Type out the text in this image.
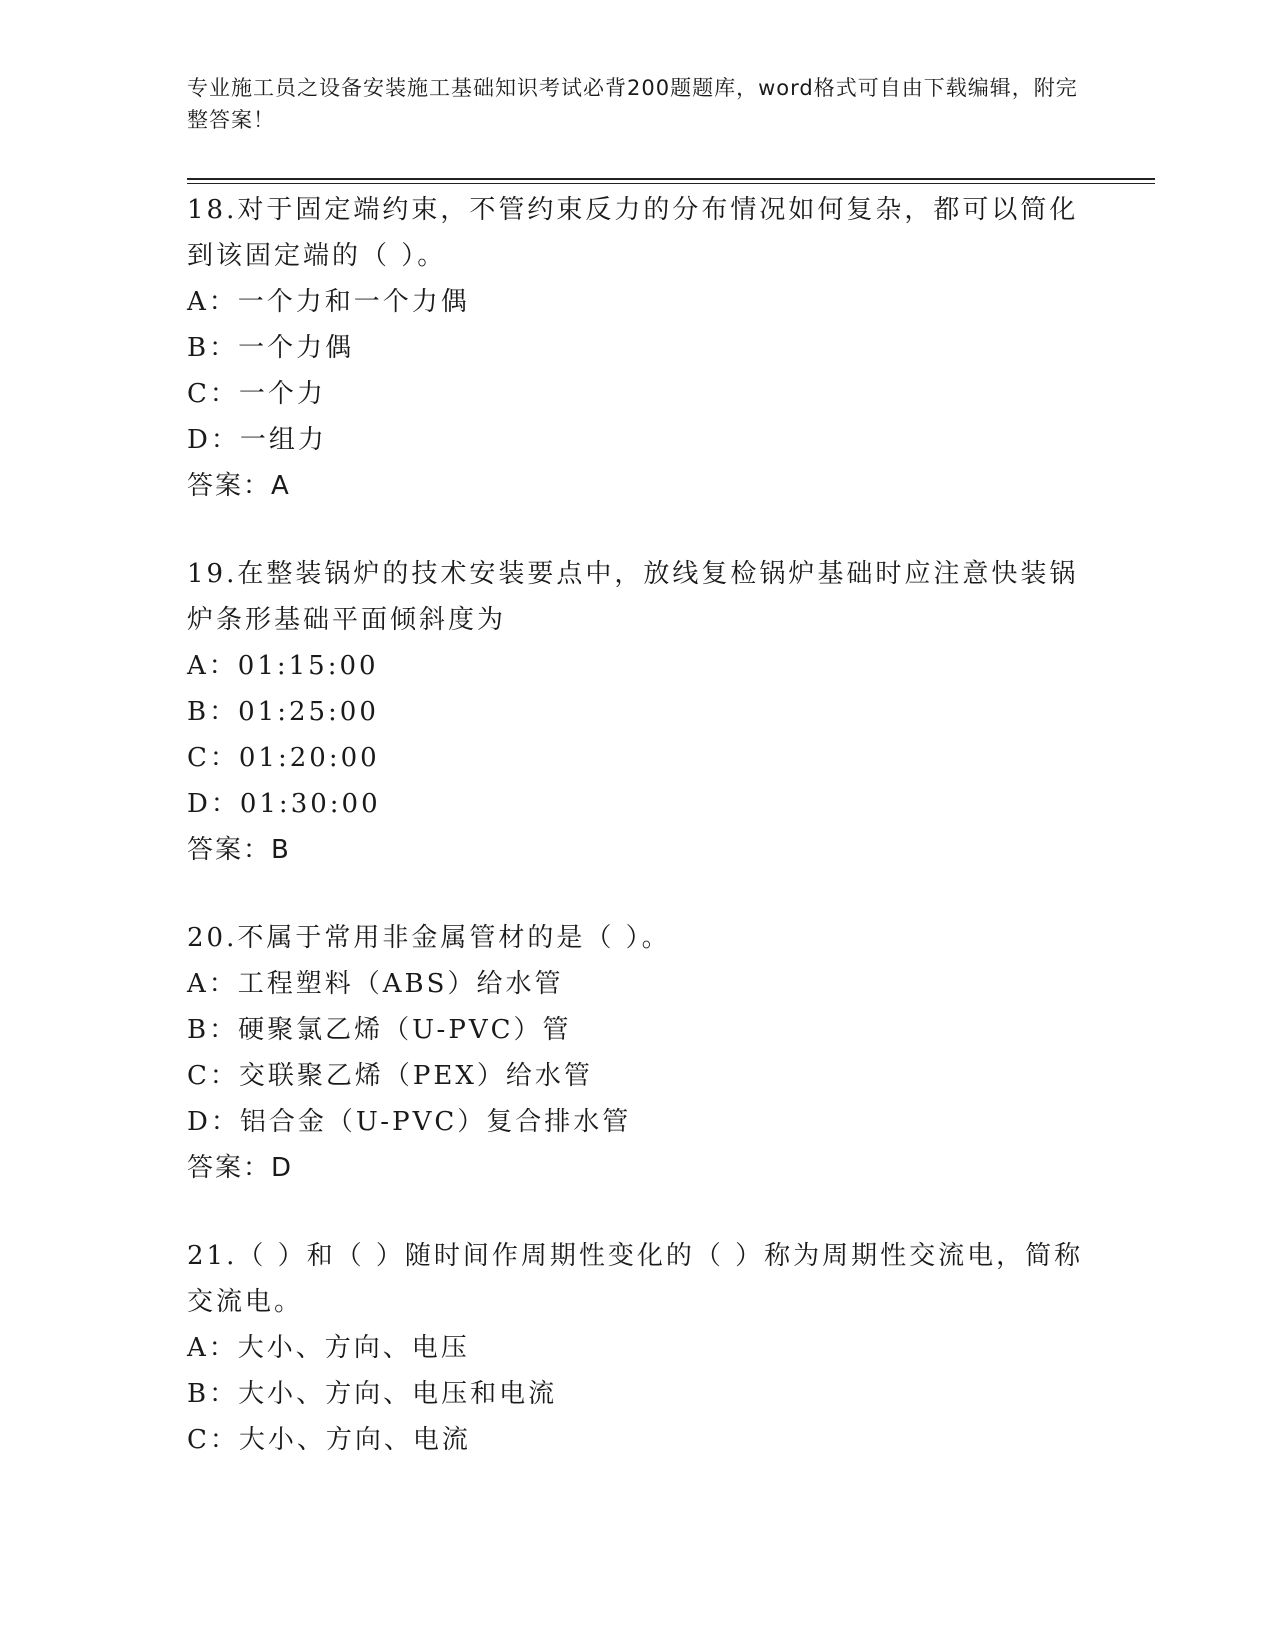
专业施工员之设备安装施工基础知识考试必背200题题库，word格式可自由下载编辑，附完整答案！
18.对于固定端约束，不管约束反力的分布情况如何复杂，都可以简化到该固定端的（ ）。
A：一个力和一个力偶
B：一个力偶
C：一个力
D：一组力
答案：A
19.在整装锅炉的技术安装要点中，放线复检锅炉基础时应注意快装锅炉条形基础平面倾斜度为
A：01:15:00
B：01:25:00
C：01:20:00
D：01:30:00
答案：B
20.不属于常用非金属管材的是（ ）。
A：工程塑料（ABS）给水管
B：硬聚氯乙烯（U-PVC）管
C：交联聚乙烯（PEX）给水管
D：铝合金（U-PVC）复合排水管
答案：D
21.（ ）和（ ）随时间作周期性变化的（ ）称为周期性交流电，简称交流电。
A：大小、方向、电压
B：大小、方向、电压和电流
C：大小、方向、电流
